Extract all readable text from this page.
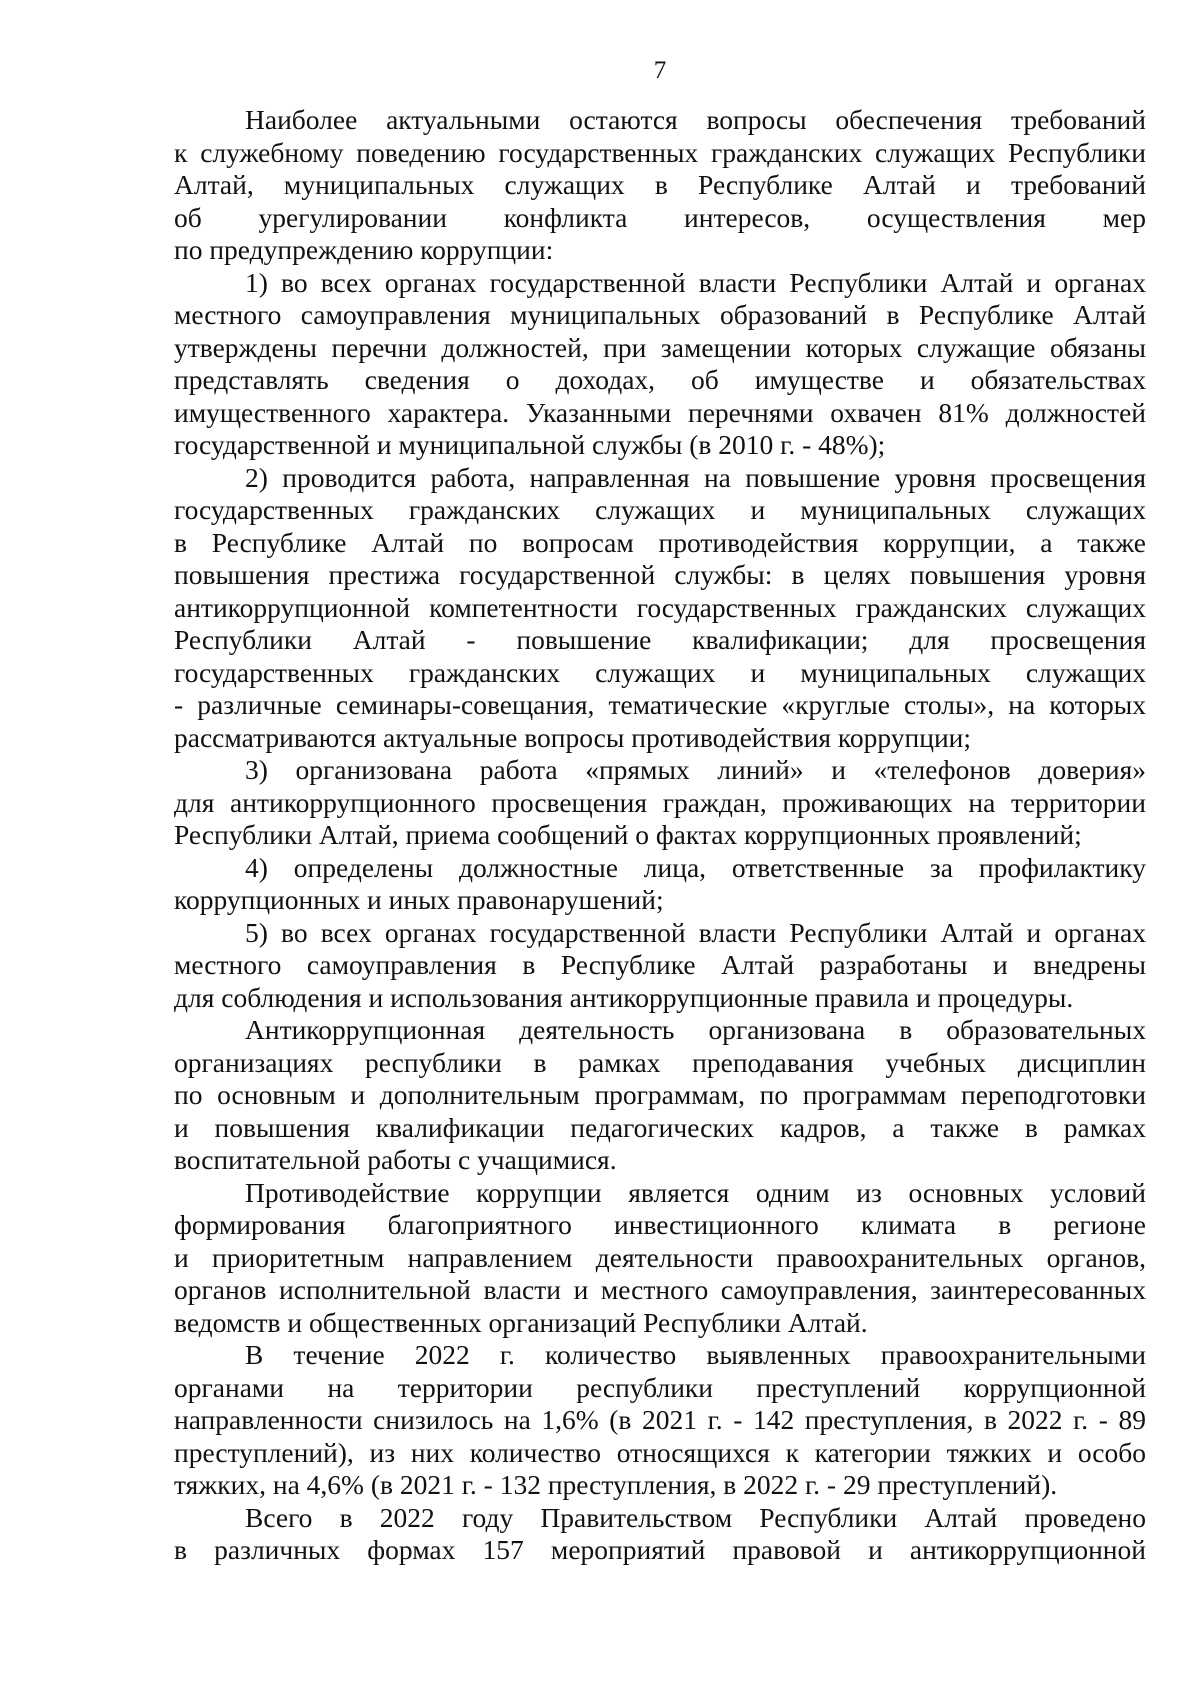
7
Наиболее актуальными остаются вопросы обеспечения требований
к служебному поведению государственных гражданских служащих Республики
Алтай, муниципальных служащих в Республике Алтай и требований
об урегулировании конфликта интересов, осуществления мер
по предупреждению коррупции:
1) во всех органах государственной власти Республики Алтай и органах
местного самоуправления муниципальных образований в Республике Алтай
утверждены перечни должностей, при замещении которых служащие обязаны
представлять сведения о доходах, об имуществе и обязательствах
имущественного характера. Указанными перечнями охвачен 81% должностей
государственной и муниципальной службы (в 2010 г. - 48%);
2) проводится работа, направленная на повышение уровня просвещения
государственных гражданских служащих и муниципальных служащих
в Республике Алтай по вопросам противодействия коррупции, а также
повышения престижа государственной службы: в целях повышения уровня
антикоррупционной компетентности государственных гражданских служащих
Республики Алтай - повышение квалификации; для просвещения
государственных гражданских служащих и муниципальных служащих
- различные семинары-совещания, тематические «круглые столы», на которых
рассматриваются актуальные вопросы противодействия коррупции;
3) организована работа «прямых линий» и «телефонов доверия»
для антикоррупционного просвещения граждан, проживающих на территории
Республики Алтай, приема сообщений о фактах коррупционных проявлений;
4) определены должностные лица, ответственные за профилактику
коррупционных и иных правонарушений;
5) во всех органах государственной власти Республики Алтай и органах
местного самоуправления в Республике Алтай разработаны и внедрены
для соблюдения и использования антикоррупционные правила и процедуры.
Антикоррупционная деятельность организована в образовательных
организациях республики в рамках преподавания учебных дисциплин
по основным и дополнительным программам, по программам переподготовки
и повышения квалификации педагогических кадров, а также в рамках
воспитательной работы с учащимися.
Противодействие коррупции является одним из основных условий
формирования благоприятного инвестиционного климата в регионе
и приоритетным направлением деятельности правоохранительных органов,
органов исполнительной власти и местного самоуправления, заинтересованных
ведомств и общественных организаций Республики Алтай.
В течение 2022 г. количество выявленных правоохранительными
органами на территории республики преступлений коррупционной
направленности снизилось на 1,6% (в 2021 г. - 142 преступления, в 2022 г. - 89
преступлений), из них количество относящихся к категории тяжких и особо
тяжких, на 4,6% (в 2021 г. - 132 преступления, в 2022 г. - 29 преступлений).
Всего в 2022 году Правительством Республики Алтай проведено
в различных формах 157 мероприятий правовой и антикоррупционной
